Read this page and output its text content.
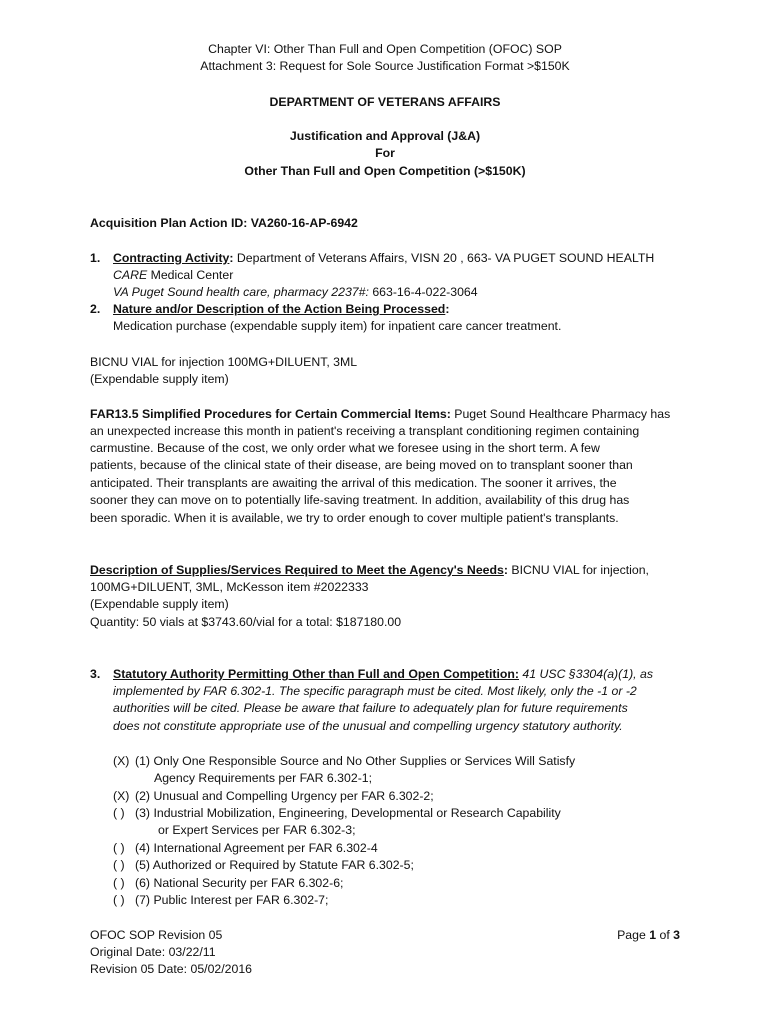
Chapter VI: Other Than Full and Open Competition (OFOC) SOP
Attachment 3: Request for Sole Source Justification Format >$150K
DEPARTMENT OF VETERANS AFFAIRS
Justification and Approval (J&A)
For
Other Than Full and Open Competition (>$150K)
Acquisition Plan Action ID: VA260-16-AP-6942
1. Contracting Activity: Department of Veterans Affairs, VISN 20 , 663- VA PUGET SOUND HEALTH
CARE Medical Center
VA Puget Sound health care, pharmacy 2237#: 663-16-4-022-3064
2. Nature and/or Description of the Action Being Processed:
Medication purchase (expendable supply item) for inpatient care cancer treatment.
BICNU VIAL for injection 100MG+DILUENT, 3ML
(Expendable supply item)
FAR13.5 Simplified Procedures for Certain Commercial Items: Puget Sound Healthcare Pharmacy has
an unexpected increase this month in patient's receiving a transplant conditioning regimen containing
carmustine. Because of the cost, we only order what we foresee using in the short term. A few
patients, because of the clinical state of their disease, are being moved on to transplant sooner than
anticipated. Their transplants are awaiting the arrival of this medication. The sooner it arrives, the
sooner they can move on to potentially life-saving treatment. In addition, availability of this drug has
been sporadic. When it is available, we try to order enough to cover multiple patient's transplants.
Description of Supplies/Services Required to Meet the Agency's Needs: BICNU VIAL for injection,
100MG+DILUENT, 3ML, McKesson item #2022333
(Expendable supply item)
Quantity: 50 vials at $3743.60/vial for a total: $187180.00
3. Statutory Authority Permitting Other than Full and Open Competition: 41 USC §3304(a)(1), as
implemented by FAR 6.302-1. The specific paragraph must be cited. Most likely, only the -1 or -2
authorities will be cited. Please be aware that failure to adequately plan for future requirements
does not constitute appropriate use of the unusual and compelling urgency statutory authority.
(X) (1) Only One Responsible Source and No Other Supplies or Services Will Satisfy
Agency Requirements per FAR 6.302-1;
(X) (2) Unusual and Compelling Urgency per FAR 6.302-2;
( ) (3) Industrial Mobilization, Engineering, Developmental or Research Capability
or Expert Services per FAR 6.302-3;
( ) (4) International Agreement per FAR 6.302-4
( ) (5) Authorized or Required by Statute FAR 6.302-5;
( ) (6) National Security per FAR 6.302-6;
( ) (7) Public Interest per FAR 6.302-7;
OFOC SOP Revision 05
Original Date: 03/22/11
Revision 05 Date: 05/02/2016
Page 1 of 3
